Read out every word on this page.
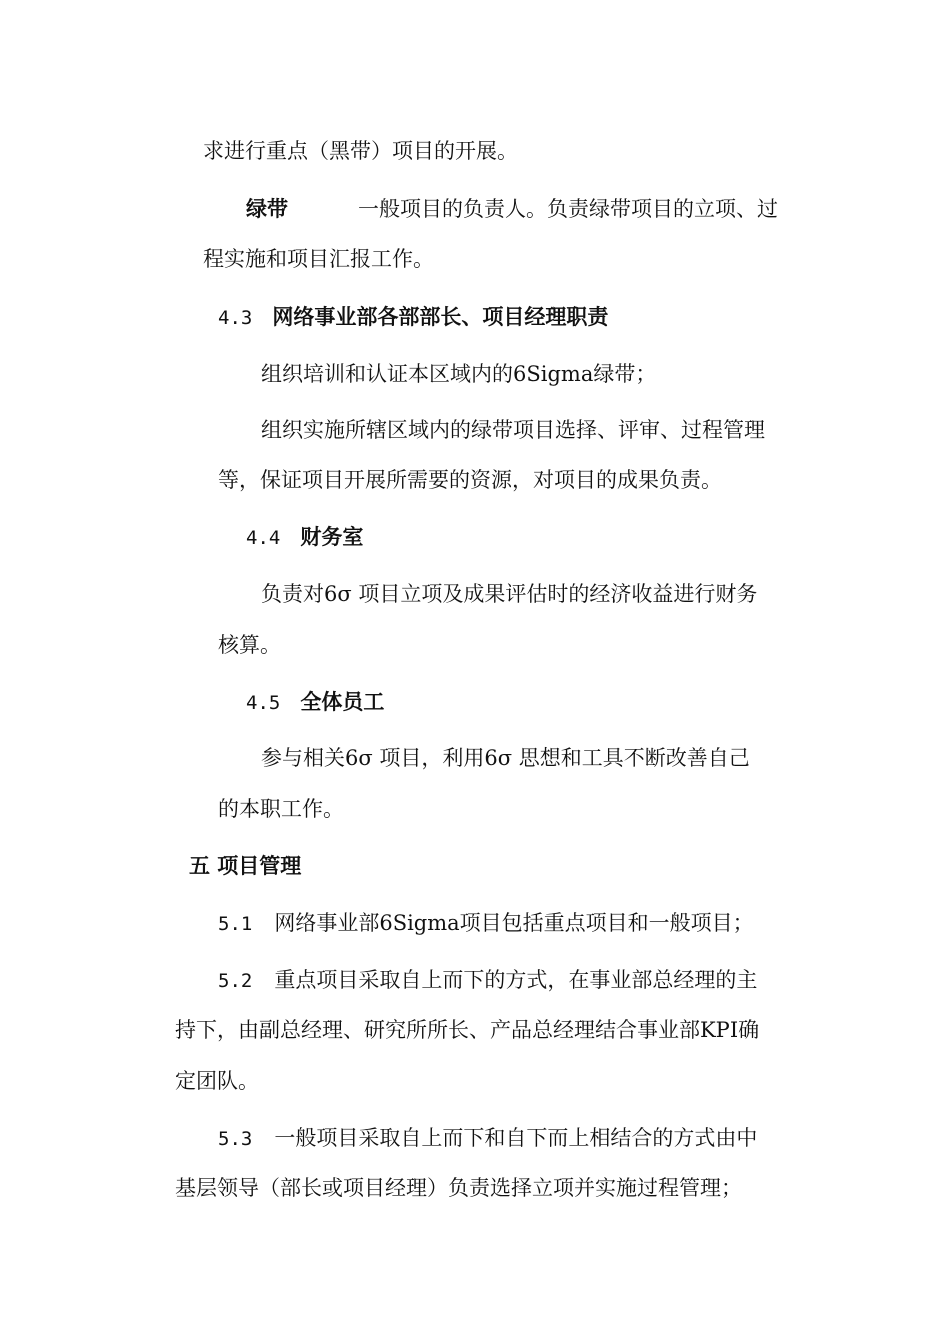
求进行重点（黑带）项目的开展。

绿带	一般项目的负责人。负责绿带项目的立项、过

程实施和项目汇报工作。

4.3 网络事业部各部部长、项目经理职责

组织培训和认证本区域内的6Sigma绿带；

组织实施所辖区域内的绿带项目选择、评审、过程管理

等，保证项目开展所需要的资源，对项目的成果负责。

4.4 财务室

负责对6σ 项目立项及成果评估时的经济收益进行财务

核算。

4.5 全体员工

参与相关6σ 项目，利用6σ 思想和工具不断改善自己

的本职工作。

五 项目管理

5.1 网络事业部6Sigma项目包括重点项目和一般项目；

5.2 重点项目采取自上而下的方式，在事业部总经理的主

持下，由副总经理、研究所所长、产品总经理结合事业部KPI确

定团队。

5.3 一般项目采取自上而下和自下而上相结合的方式由中

基层领导（部长或项目经理）负责选择立项并实施过程管理；
